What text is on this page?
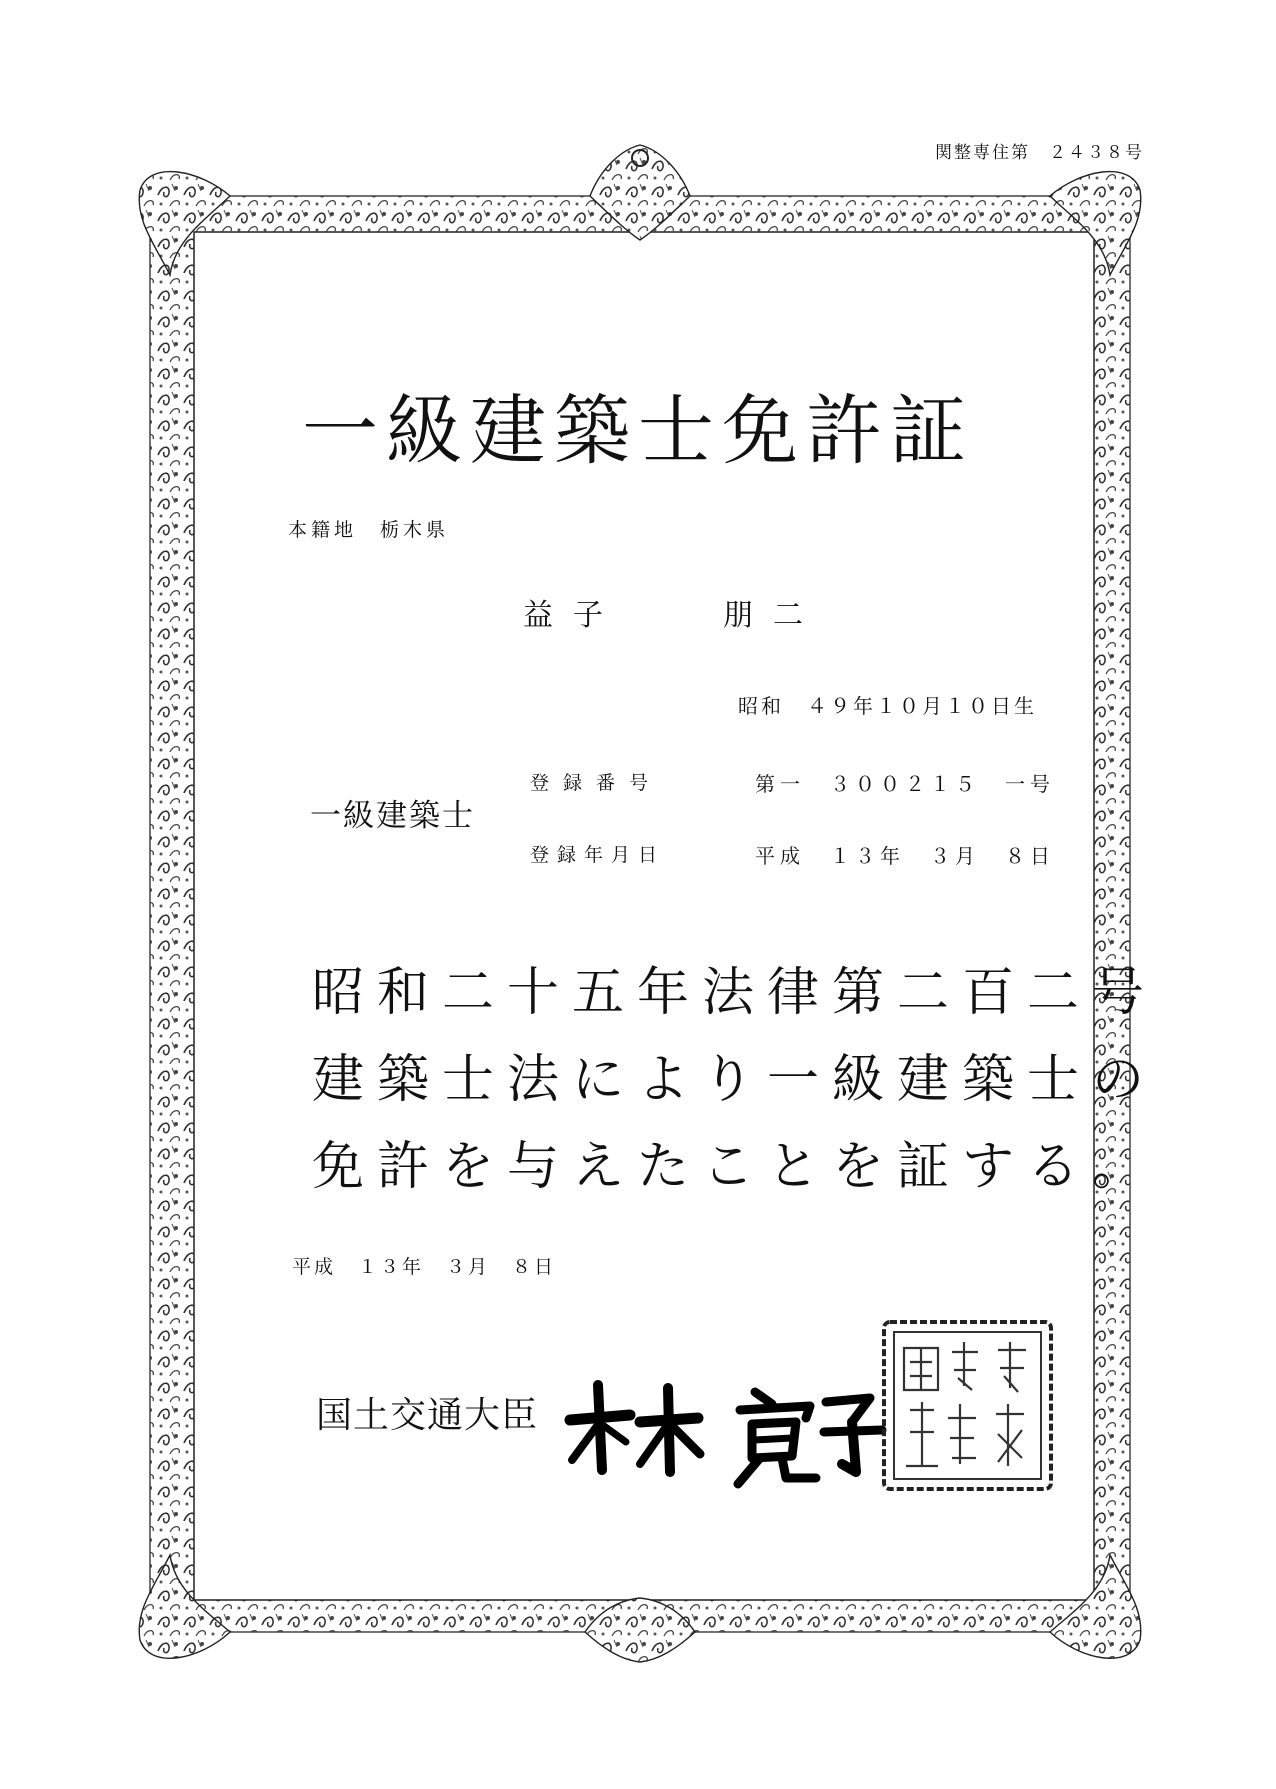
関整専住第　２４３８号
一級建築士免許証
本籍地　栃木県
益子　　朋二
昭和　４９年１０月１０日生
一級建築士
登録番号	第一　３００２１５　一号
登録年月日	平成　１３年　３月　８日
昭和二十五年法律第二百二号
建築士法により一級建築士の
免許を与えたことを証する。
平成　１３年　３月　８日
国土交通大臣
